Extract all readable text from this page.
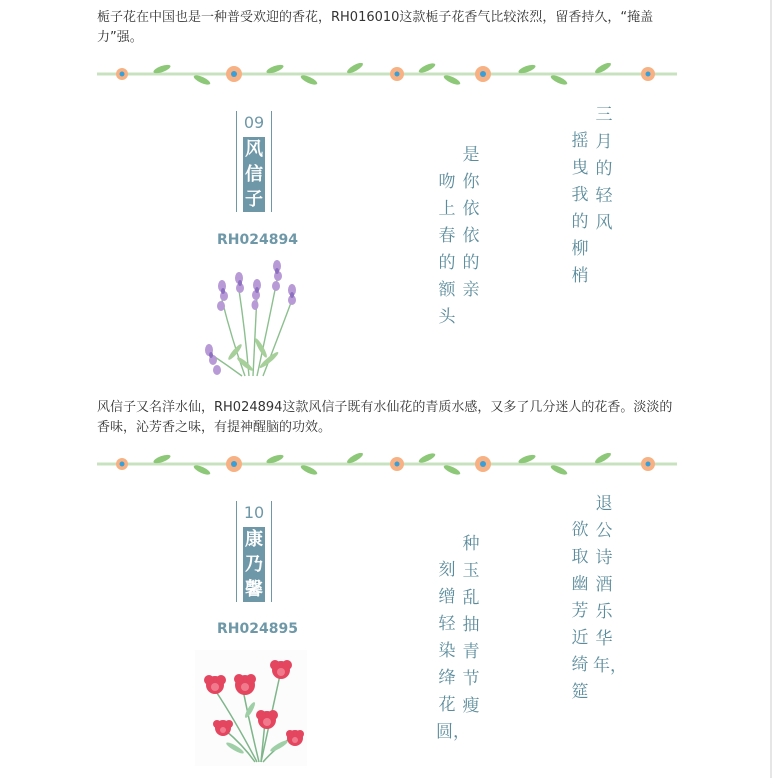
栀子花在中国也是一种普受欢迎的香花，RH016010这款栀子花香气比较浓烈，留香持久，“掩盖力”强。

09
风信子
RH024894
三月的轻风
摇曳我的柳梢
是你依依的亲
吻上春的额头

风信子又名洋水仙，RH024894这款风信子既有水仙花的青质水感，又多了几分迷人的花香。淡淡的香味，沁芳香之味，有提神醒脑的功效。

10
康乃馨
RH024895
退公诗酒乐华年，
欲取幽芳近绮筵
种玉乱抽青节瘦
刻缯轻染绛花圆，
